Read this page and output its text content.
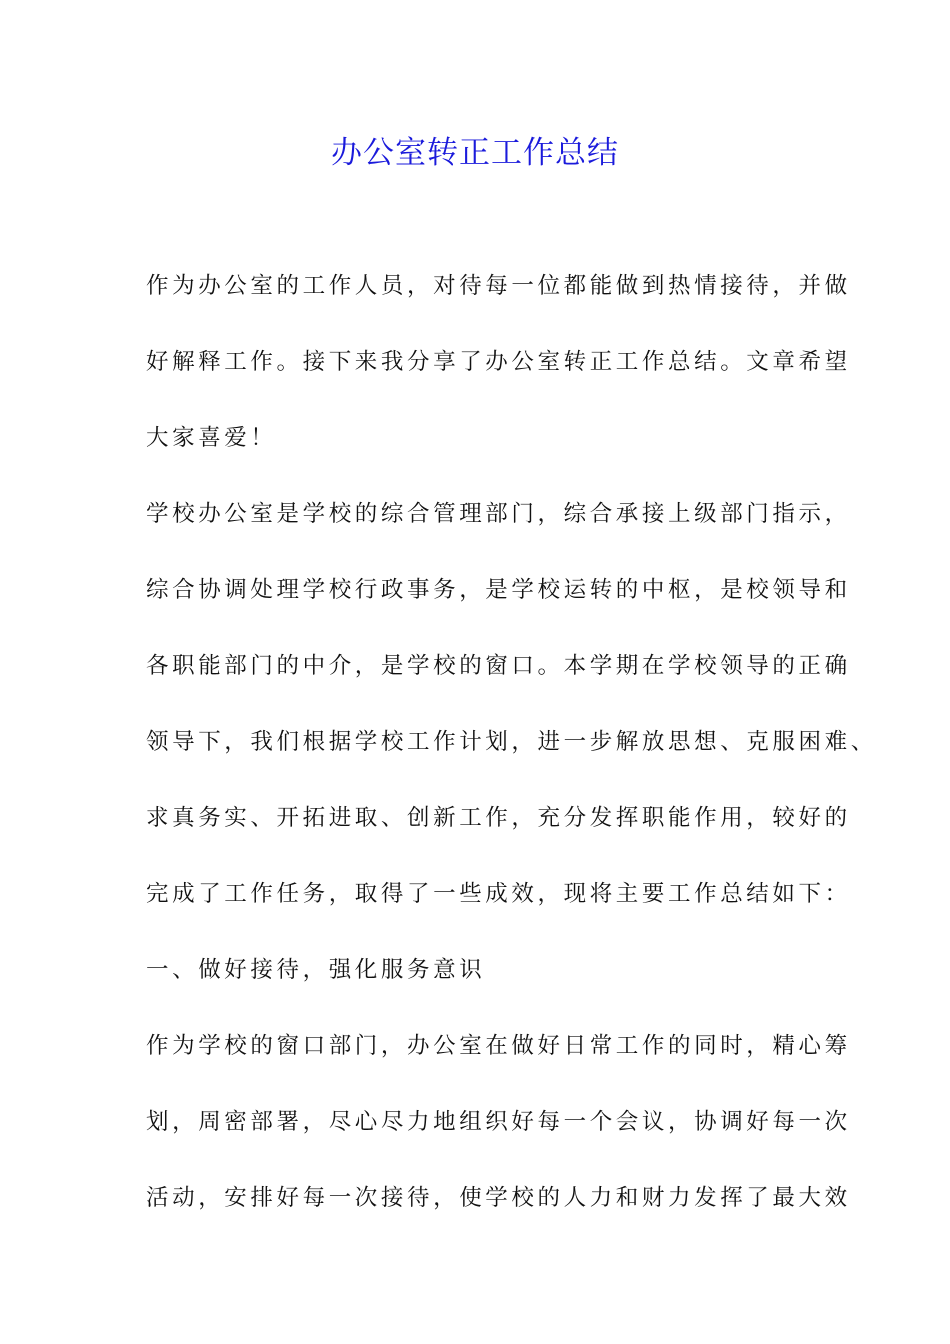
办公室转正工作总结
作为办公室的工作人员，对待每一位都能做到热情接待，并做
好解释工作。接下来我分享了办公室转正工作总结。文章希望
大家喜爱！
学校办公室是学校的综合管理部门，综合承接上级部门指示，
综合协调处理学校行政事务，是学校运转的中枢，是校领导和
各职能部门的中介，是学校的窗口。本学期在学校领导的正确
领导下，我们根据学校工作计划，进一步解放思想、克服困难、
求真务实、开拓进取、创新工作，充分发挥职能作用，较好的
完成了工作任务，取得了一些成效，现将主要工作总结如下：
一、做好接待，强化服务意识
作为学校的窗口部门，办公室在做好日常工作的同时，精心筹
划，周密部署，尽心尽力地组织好每一个会议，协调好每一次
活动，安排好每一次接待，使学校的人力和财力发挥了最大效
